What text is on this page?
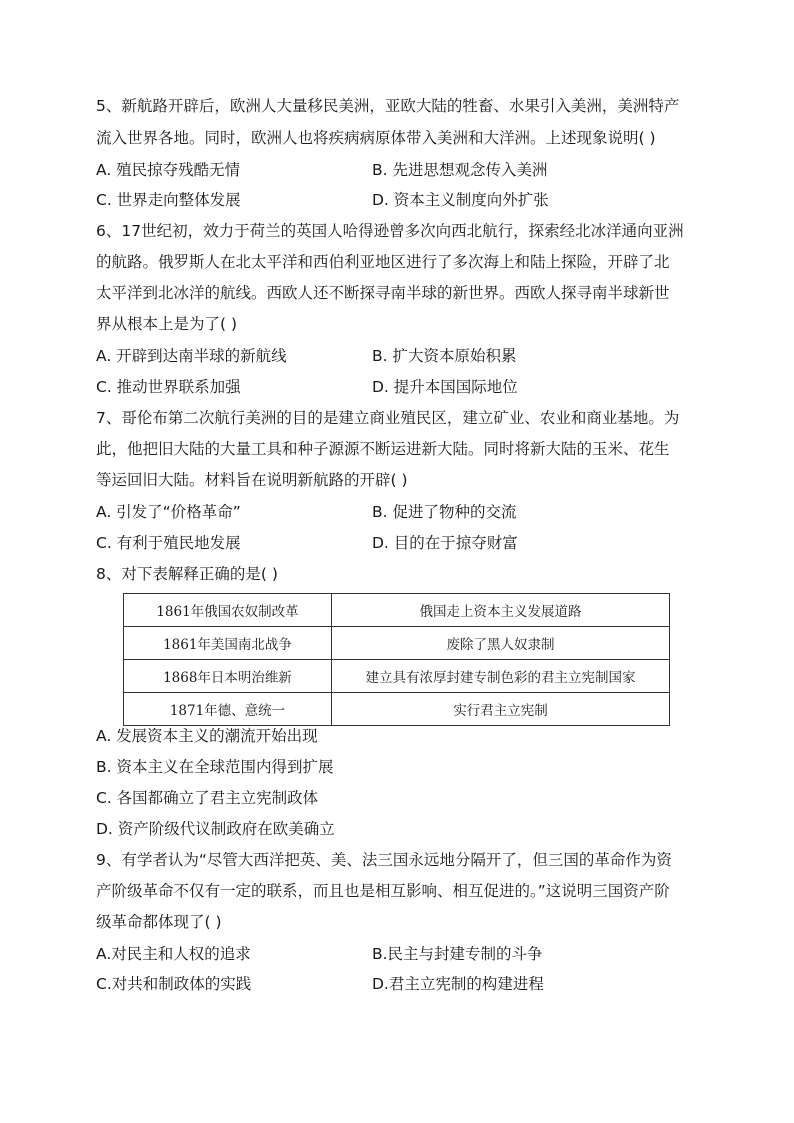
5、新航路开辟后，欧洲人大量移民美洲，亚欧大陆的牲畜、水果引入美洲，美洲特产
流入世界各地。同时，欧洲人也将疾病病原体带入美洲和大洋洲。上述现象说明( )
A. 殖民掠夺残酷无情	B. 先进思想观念传入美洲
C. 世界走向整体发展	D. 资本主义制度向外扩张
6、17世纪初，效力于荷兰的英国人哈得逊曾多次向西北航行，探索经北冰洋通向亚洲
的航路。俄罗斯人在北太平洋和西伯利亚地区进行了多次海上和陆上探险，开辟了北
太平洋到北冰洋的航线。西欧人还不断探寻南半球的新世界。西欧人探寻南半球新世
界从根本上是为了( )
A. 开辟到达南半球的新航线	B. 扩大资本原始积累
C. 推动世界联系加强	D. 提升本国国际地位
7、哥伦布第二次航行美洲的目的是建立商业殖民区，建立矿业、农业和商业基地。为
此，他把旧大陆的大量工具和种子源源不断运进新大陆。同时将新大陆的玉米、花生
等运回旧大陆。材料旨在说明新航路的开辟( )
A. 引发了“价格革命”	B. 促进了物种的交流
C. 有利于殖民地发展	D. 目的在于掠夺财富
8、对下表解释正确的是( )
1861年俄国农奴制改革	俄国走上资本主义发展道路
1861年美国南北战争	废除了黑人奴隶制
1868年日本明治维新	建立具有浓厚封建专制色彩的君主立宪制国家
1871年德、意统一	实行君主立宪制
A. 发展资本主义的潮流开始出现
B. 资本主义在全球范围内得到扩展
C. 各国都确立了君主立宪制政体
D. 资产阶级代议制政府在欧美确立
9、有学者认为“尽管大西洋把英、美、法三国永远地分隔开了，但三国的革命作为资
产阶级革命不仅有一定的联系，而且也是相互影响、相互促进的。”这说明三国资产阶
级革命都体现了( )
A.对民主和人权的追求	B.民主与封建专制的斗争
C.对共和制政体的实践	D.君主立宪制的构建进程
